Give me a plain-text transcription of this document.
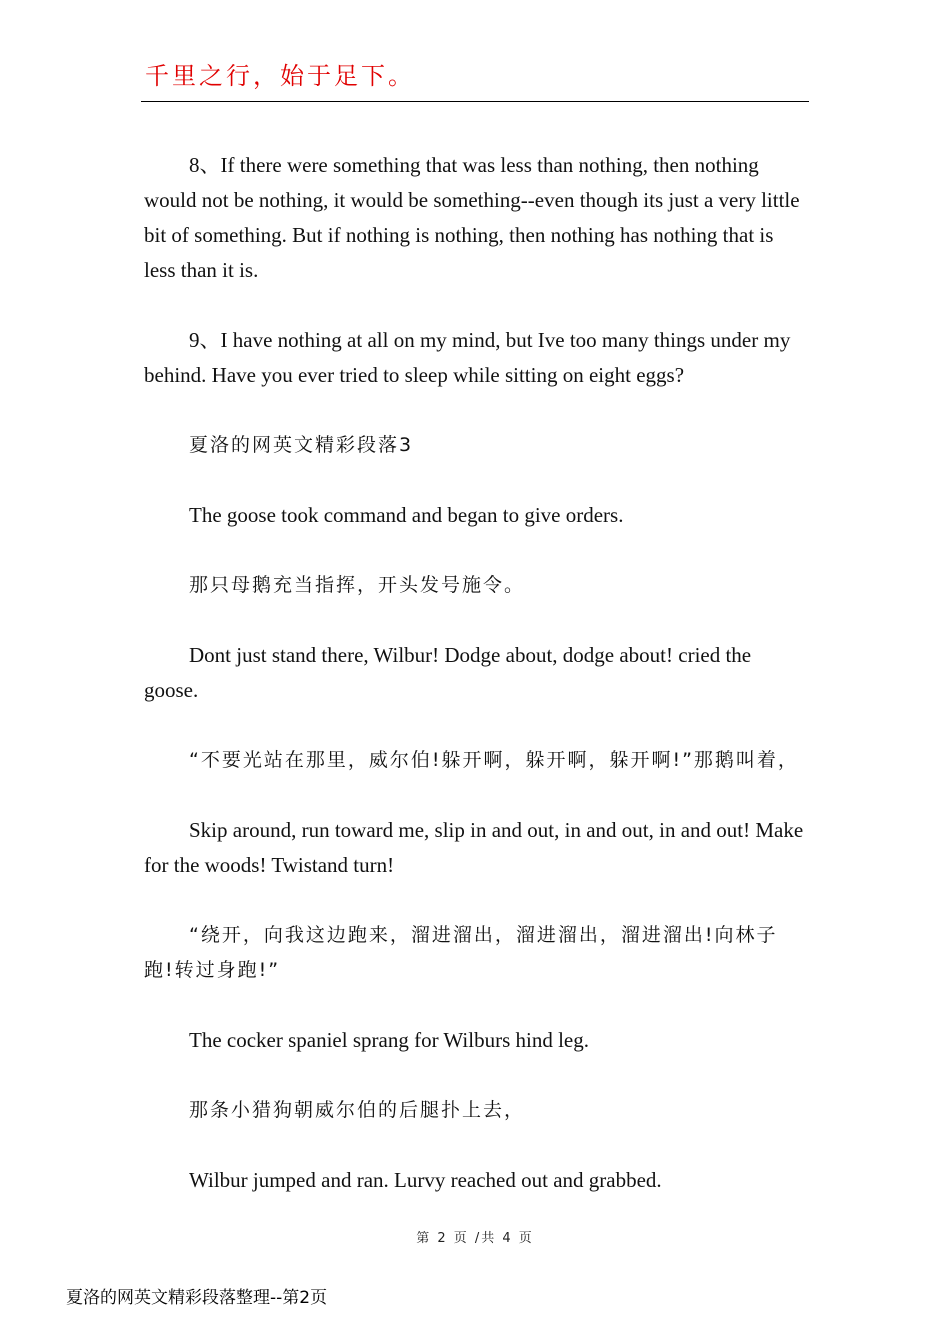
千里之行，始于足下。

8、If there were something that was less than nothing, then nothing would not be nothing, it would be something--even though its just a very little bit of something. But if nothing is nothing, then nothing has nothing that is less than it is.

9、I have nothing at all on my mind, but Ive too many things under my behind. Have you ever tried to sleep while sitting on eight eggs?

夏洛的网英文精彩段落3

The goose took command and began to give orders.

那只母鹅充当指挥，开头发号施令。

Dont just stand there, Wilbur! Dodge about, dodge about! cried the goose.

“不要光站在那里，威尔伯!躲开啊，躲开啊，躲开啊!”那鹅叫着，

Skip around, run toward me, slip in and out, in and out, in and out! Make for the woods! Twistand turn!

“绕开，向我这边跑来，溜进溜出，溜进溜出，溜进溜出!向林子跑!转过身跑!”

The cocker spaniel sprang for Wilburs hind leg.

那条小猎狗朝威尔伯的后腿扑上去，

Wilbur jumped and ran. Lurvy reached out and grabbed.

第 2 页 /共 4 页
夏洛的网英文精彩段落整理--第2页
